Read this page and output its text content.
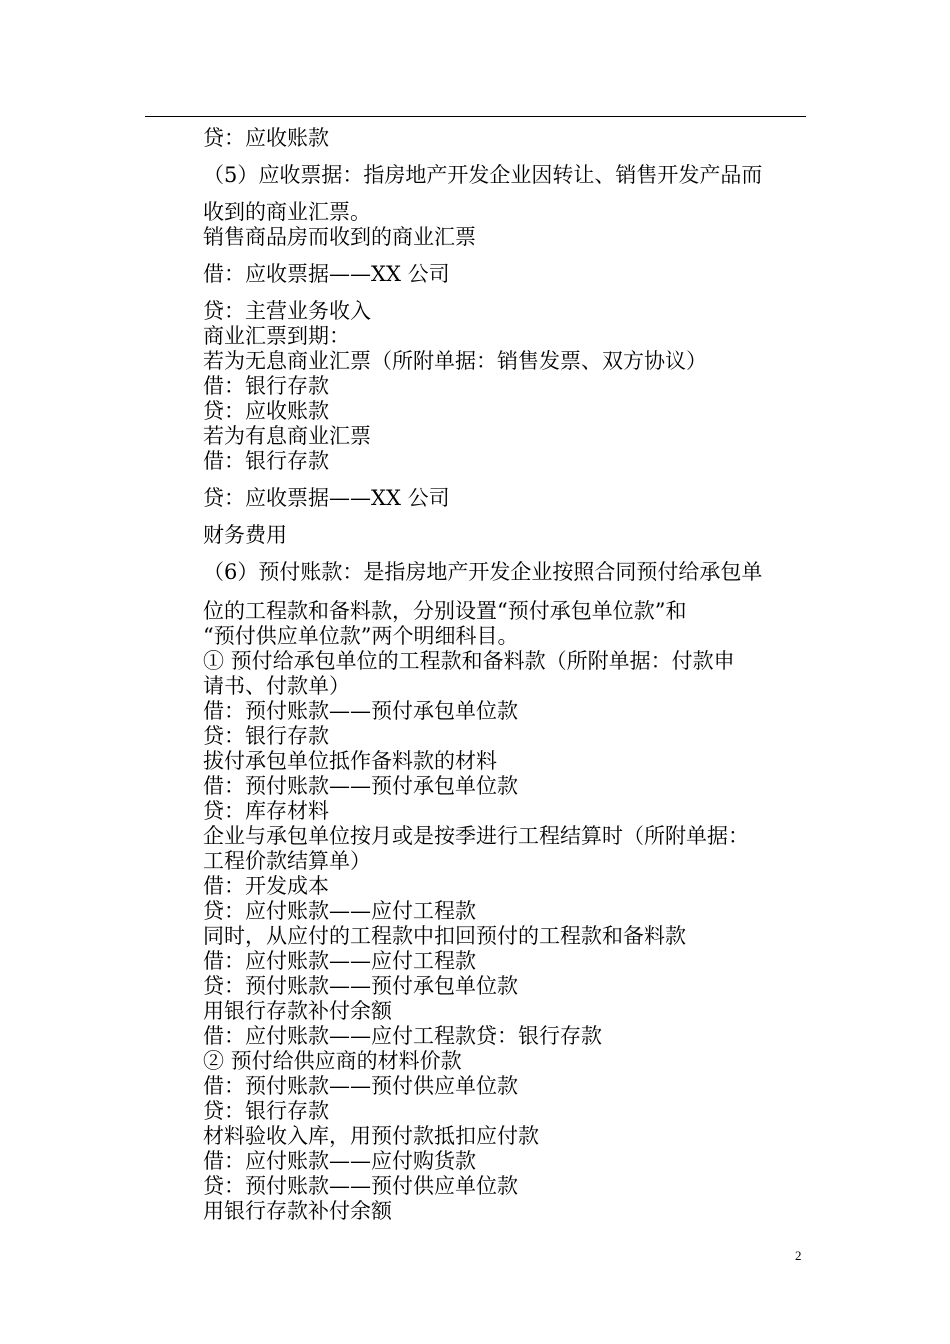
贷：应收账款
（5）应收票据：指房地产开发企业因转让、销售开发产品而
收到的商业汇票。
销售商品房而收到的商业汇票
借：应收票据——XX 公司
贷：主营业务收入
商业汇票到期：
若为无息商业汇票（所附单据：销售发票、双方协议）
借：银行存款
贷：应收账款
若为有息商业汇票
借：银行存款
贷：应收票据——XX 公司
财务费用
（6）预付账款：是指房地产开发企业按照合同预付给承包单
位的工程款和备料款，分别设置“预付承包单位款”和
“预付供应单位款”两个明细科目。
① 预付给承包单位的工程款和备料款（所附单据：付款申
请书、付款单）
借：预付账款——预付承包单位款
贷：银行存款
拔付承包单位抵作备料款的材料
借：预付账款——预付承包单位款
贷：库存材料
企业与承包单位按月或是按季进行工程结算时（所附单据：
工程价款结算单）
借：开发成本
贷：应付账款——应付工程款
同时，从应付的工程款中扣回预付的工程款和备料款
借：应付账款——应付工程款
贷：预付账款——预付承包单位款
用银行存款补付余额
借：应付账款——应付工程款贷：银行存款
② 预付给供应商的材料价款
借：预付账款——预付供应单位款
贷：银行存款
材料验收入库，用预付款抵扣应付款
借：应付账款——应付购货款
贷：预付账款——预付供应单位款
用银行存款补付余额
2
